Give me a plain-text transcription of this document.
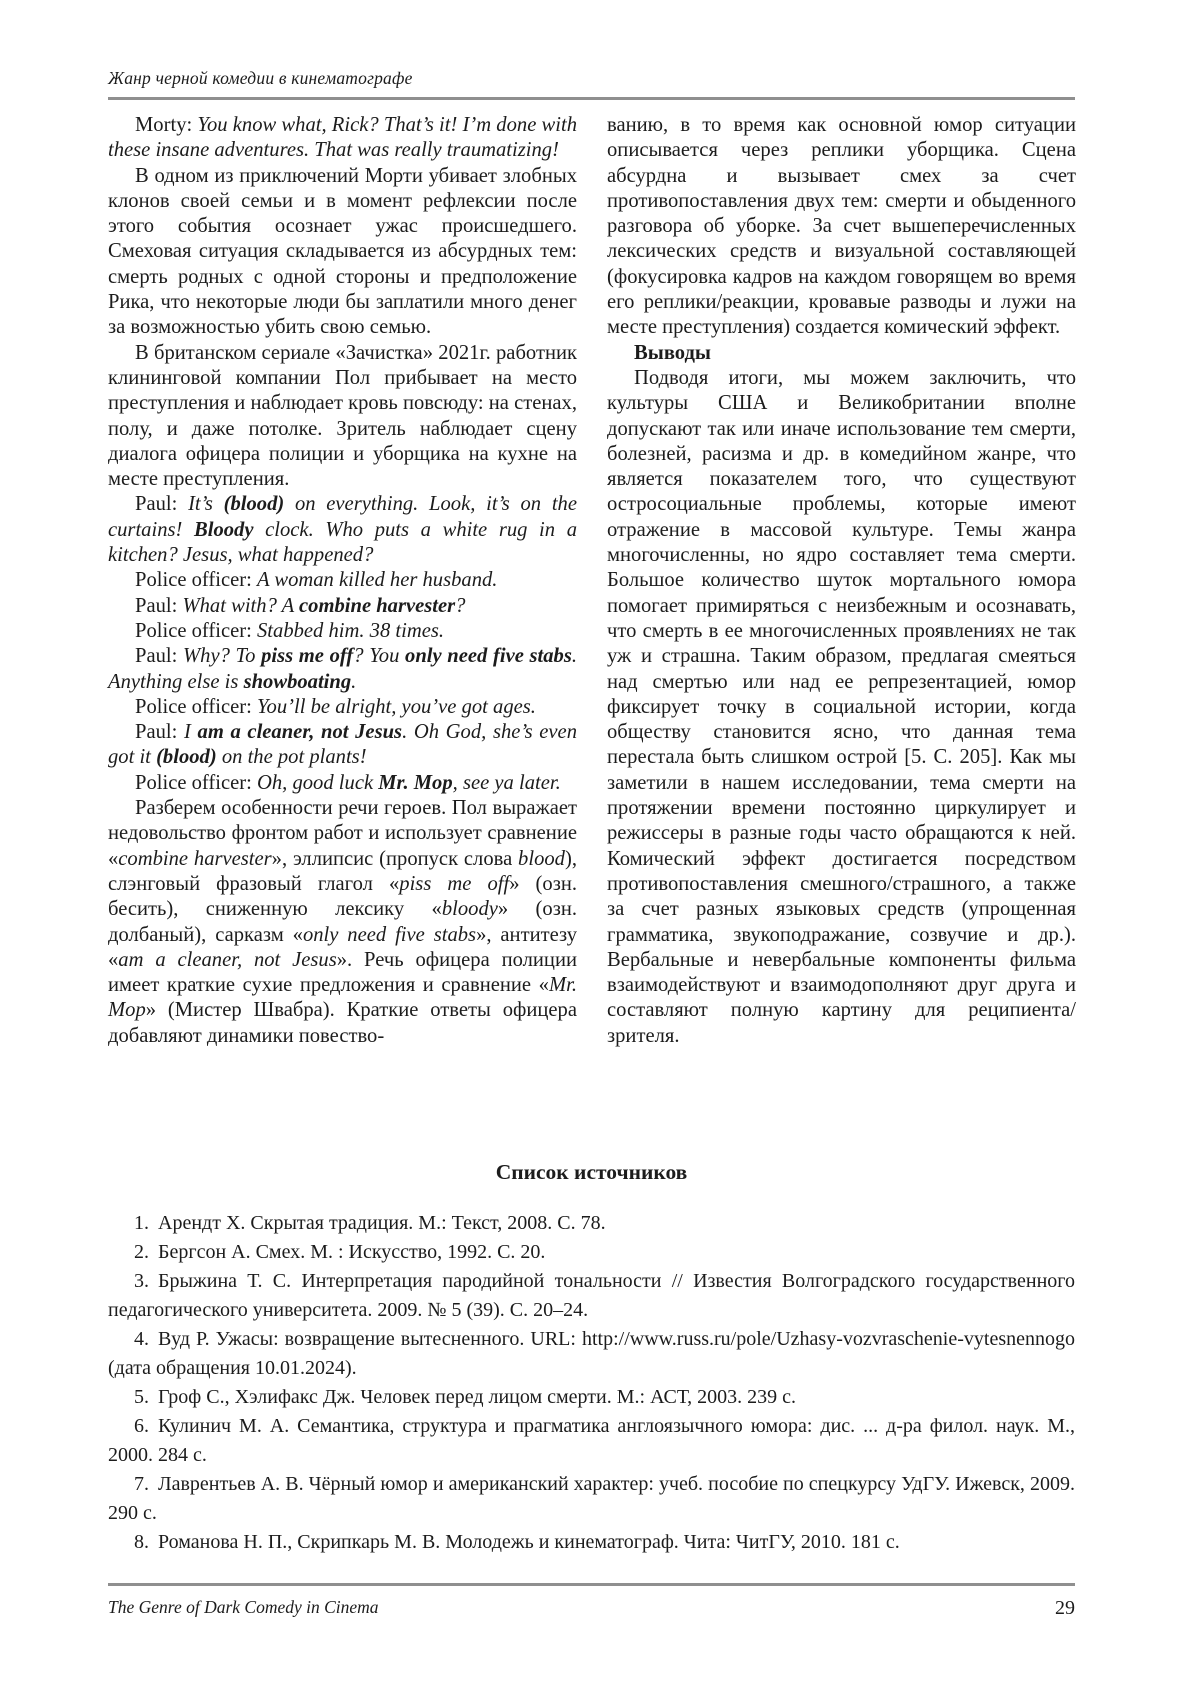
Жанр черной комедии в кинематографе

Morty: You know what, Rick? That’s it! I’m done with these insane adventures. That was really traumatizing!

В одном из приключений Морти убивает злобных клонов своей семьи и в момент рефлексии после этого события осознает ужас происшедшего. Смеховая ситуация складывается из абсурдных тем: смерть родных с одной стороны и предположение Рика, что некоторые люди бы заплатили много денег за возможностью убить свою семью.

В британском сериале «Зачистка» 2021г. работник клининговой компании Пол прибывает на место преступления и наблюдает кровь повсюду: на стенах, полу, и даже потолке. Зритель наблюдает сцену диалога офицера полиции и уборщика на кухне на месте преступления.

Paul: It’s (blood) on everything. Look, it’s on the curtains! Bloody clock. Who puts a white rug in a kitchen? Jesus, what happened?

Police officer: A woman killed her husband.

Paul: What with? A combine harvester?

Police officer: Stabbed him. 38 times.

Paul: Why? To piss me off? You only need five stabs. Anything else is showboating.

Police officer: You’ll be alright, you’ve got ages.

Paul: I am a cleaner, not Jesus. Oh God, she’s even got it (blood) on the pot plants!

Police officer: Oh, good luck Mr. Mop, see ya later.

Разберем особенности речи героев. Пол выражает недовольство фронтом работ и использует сравнение «combine harvester», эллипсис (пропуск слова blood), слэнговый фразовый глагол «piss me off» (озн. бесить), сниженную лексику «bloody» (озн. долбаный), сарказм «only need five stabs», антитезу «am a cleaner, not Jesus». Речь офицера полиции имеет краткие сухие предложения и сравнение «Mr. Mop» (Мистер Швабра). Краткие ответы офицера добавляют динамики повество-

ванию, в то время как основной юмор ситуации описывается через реплики уборщика. Сцена абсурдна и вызывает смех за счет противопоставления двух тем: смерти и обыденного разговора об уборке. За счет вышеперечисленных лексических средств и визуальной составляющей (фокусировка кадров на каждом говорящем во время его реплики/реакции, кровавые разводы и лужи на месте преступления) создается комический эффект.

Выводы

Подводя итоги, мы можем заключить, что культуры США и Великобритании вполне допускают так или иначе использование тем смерти, болезней, расизма и др. в комедийном жанре, что является показателем того, что существуют остросоциальные проблемы, которые имеют отражение в массовой культуре. Темы жанра многочисленны, но ядро составляет тема смерти. Большое количество шуток мортального юмора помогает примиряться с неизбежным и осознавать, что смерть в ее многочисленных проявлениях не так уж и страшна. Таким образом, предлагая смеяться над смертью или над ее репрезентацией, юмор фиксирует точку в социальной истории, когда обществу становится ясно, что данная тема перестала быть слишком острой [5. С. 205]. Как мы заметили в нашем исследовании, тема смерти на протяжении времени постоянно циркулирует и режиссеры в разные годы часто обращаются к ней. Комический эффект достигается посредством противопоставления смешного/страшного, а также за счет разных языковых средств (упрощенная грамматика, звукоподражание, созвучие и др.). Вербальные и невербальные компоненты фильма взаимодействуют и взаимодополняют друг друга и составляют полную картину для реципиента/зрителя.

Список источников

1. Арендт Х. Скрытая традиция. М.: Текст, 2008. С. 78.

2. Бергсон А. Смех. М. : Искусство, 1992. С. 20.

3. Брыжина Т. С. Интерпретация пародийной тональности // Известия Волгоградского государственного педагогического университета. 2009. № 5 (39). С. 20–24.

4. Вуд Р. Ужасы: возвращение вытесненного. URL: http://www.russ.ru/pole/Uzhasy-vozvraschenie-vytesnennogo (дата обращения 10.01.2024).

5. Гроф С., Хэлифакс Дж. Человек перед лицом смерти. М.: АСТ, 2003. 239 с.

6. Кулинич М. А. Семантика, структура и прагматика англоязычного юмора: дис. ... д-ра филол. наук. М., 2000. 284 с.

7. Лаврентьев А. В. Чёрный юмор и американский характер: учеб. пособие по спецкурсу УдГУ. Ижевск, 2009. 290 с.

8. Романова Н. П., Скрипкарь М. В. Молодежь и кинематограф. Чита: ЧитГУ, 2010. 181 с.

The Genre of Dark Comedy in Cinema	29
